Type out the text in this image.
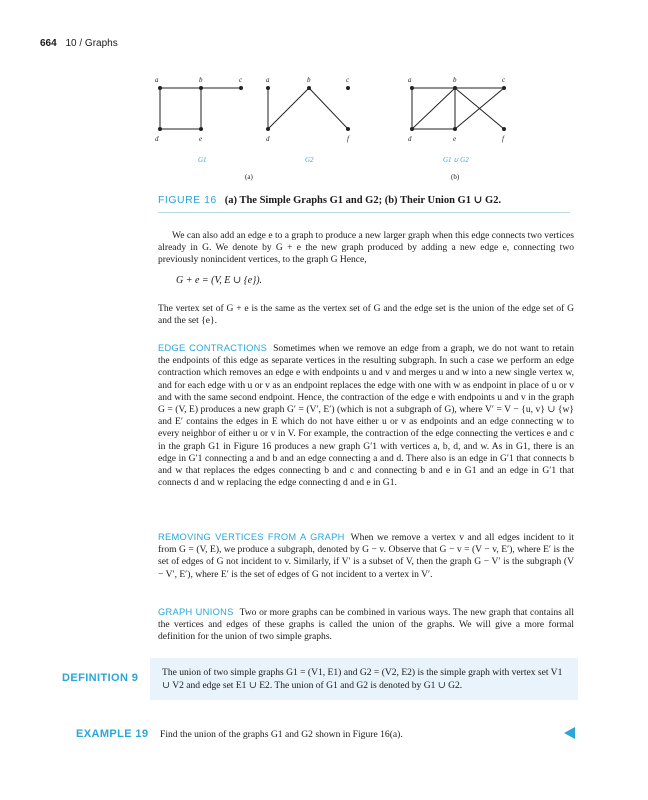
664 10 / Graphs
a	b	c
d	e
G1
a	b	c
d	f
G2
(a)
a	b	c
d	e	f
G1 ∪ G2
(b)
FIGURE 16 (a) The Simple Graphs G1 and G2; (b) Their Union G1 ∪ G2.
We can also add an edge e to a graph to produce a new larger graph when this edge connects two vertices already in G. We denote by G + e the new graph produced by adding a new edge e, connecting two previously nonincident vertices, to the graph G Hence,
G + e = (V, E ∪ {e}).
The vertex set of G + e is the same as the vertex set of G and the edge set is the union of the edge set of G and the set {e}.
EDGE CONTRACTIONS Sometimes when we remove an edge from a graph, we do not want to retain the endpoints of this edge as separate vertices in the resulting subgraph. In such a case we perform an edge contraction which removes an edge e with endpoints u and v and merges u and w into a new single vertex w, and for each edge with u or v as an endpoint replaces the edge with one with w as endpoint in place of u or v and with the same second endpoint. Hence, the contraction of the edge e with endpoints u and v in the graph G = (V, E) produces a new graph G′ = (V′, E′) (which is not a subgraph of G), where V′ = V − {u, v} ∪ {w} and E′ contains the edges in E which do not have either u or v as endpoints and an edge connecting w to every neighbor of either u or v in V. For example, the contraction of the edge connecting the vertices e and c in the graph G1 in Figure 16 produces a new graph G′1 with vertices a, b, d, and w. As in G1, there is an edge in G′1 connecting a and b and an edge connecting a and d. There also is an edge in G′1 that connects b and w that replaces the edges connecting b and c and connecting b and e in G1 and an edge in G′1 that connects d and w replacing the edge connecting d and e in G1.
REMOVING VERTICES FROM A GRAPH When we remove a vertex v and all edges incident to it from G = (V, E), we produce a subgraph, denoted by G − v. Observe that G − v = (V − v, E′), where E′ is the set of edges of G not incident to v. Similarly, if V′ is a subset of V, then the graph G − V′ is the subgraph (V − V′, E′), where E′ is the set of edges of G not incident to a vertex in V′.
GRAPH UNIONS Two or more graphs can be combined in various ways. The new graph that contains all the vertices and edges of these graphs is called the union of the graphs. We will give a more formal definition for the union of two simple graphs.
DEFINITION 9 The union of two simple graphs G1 = (V1, E1) and G2 = (V2, E2) is the simple graph with vertex set V1 ∪ V2 and edge set E1 ∪ E2. The union of G1 and G2 is denoted by G1 ∪ G2.
EXAMPLE 19 Find the union of the graphs G1 and G2 shown in Figure 16(a).
